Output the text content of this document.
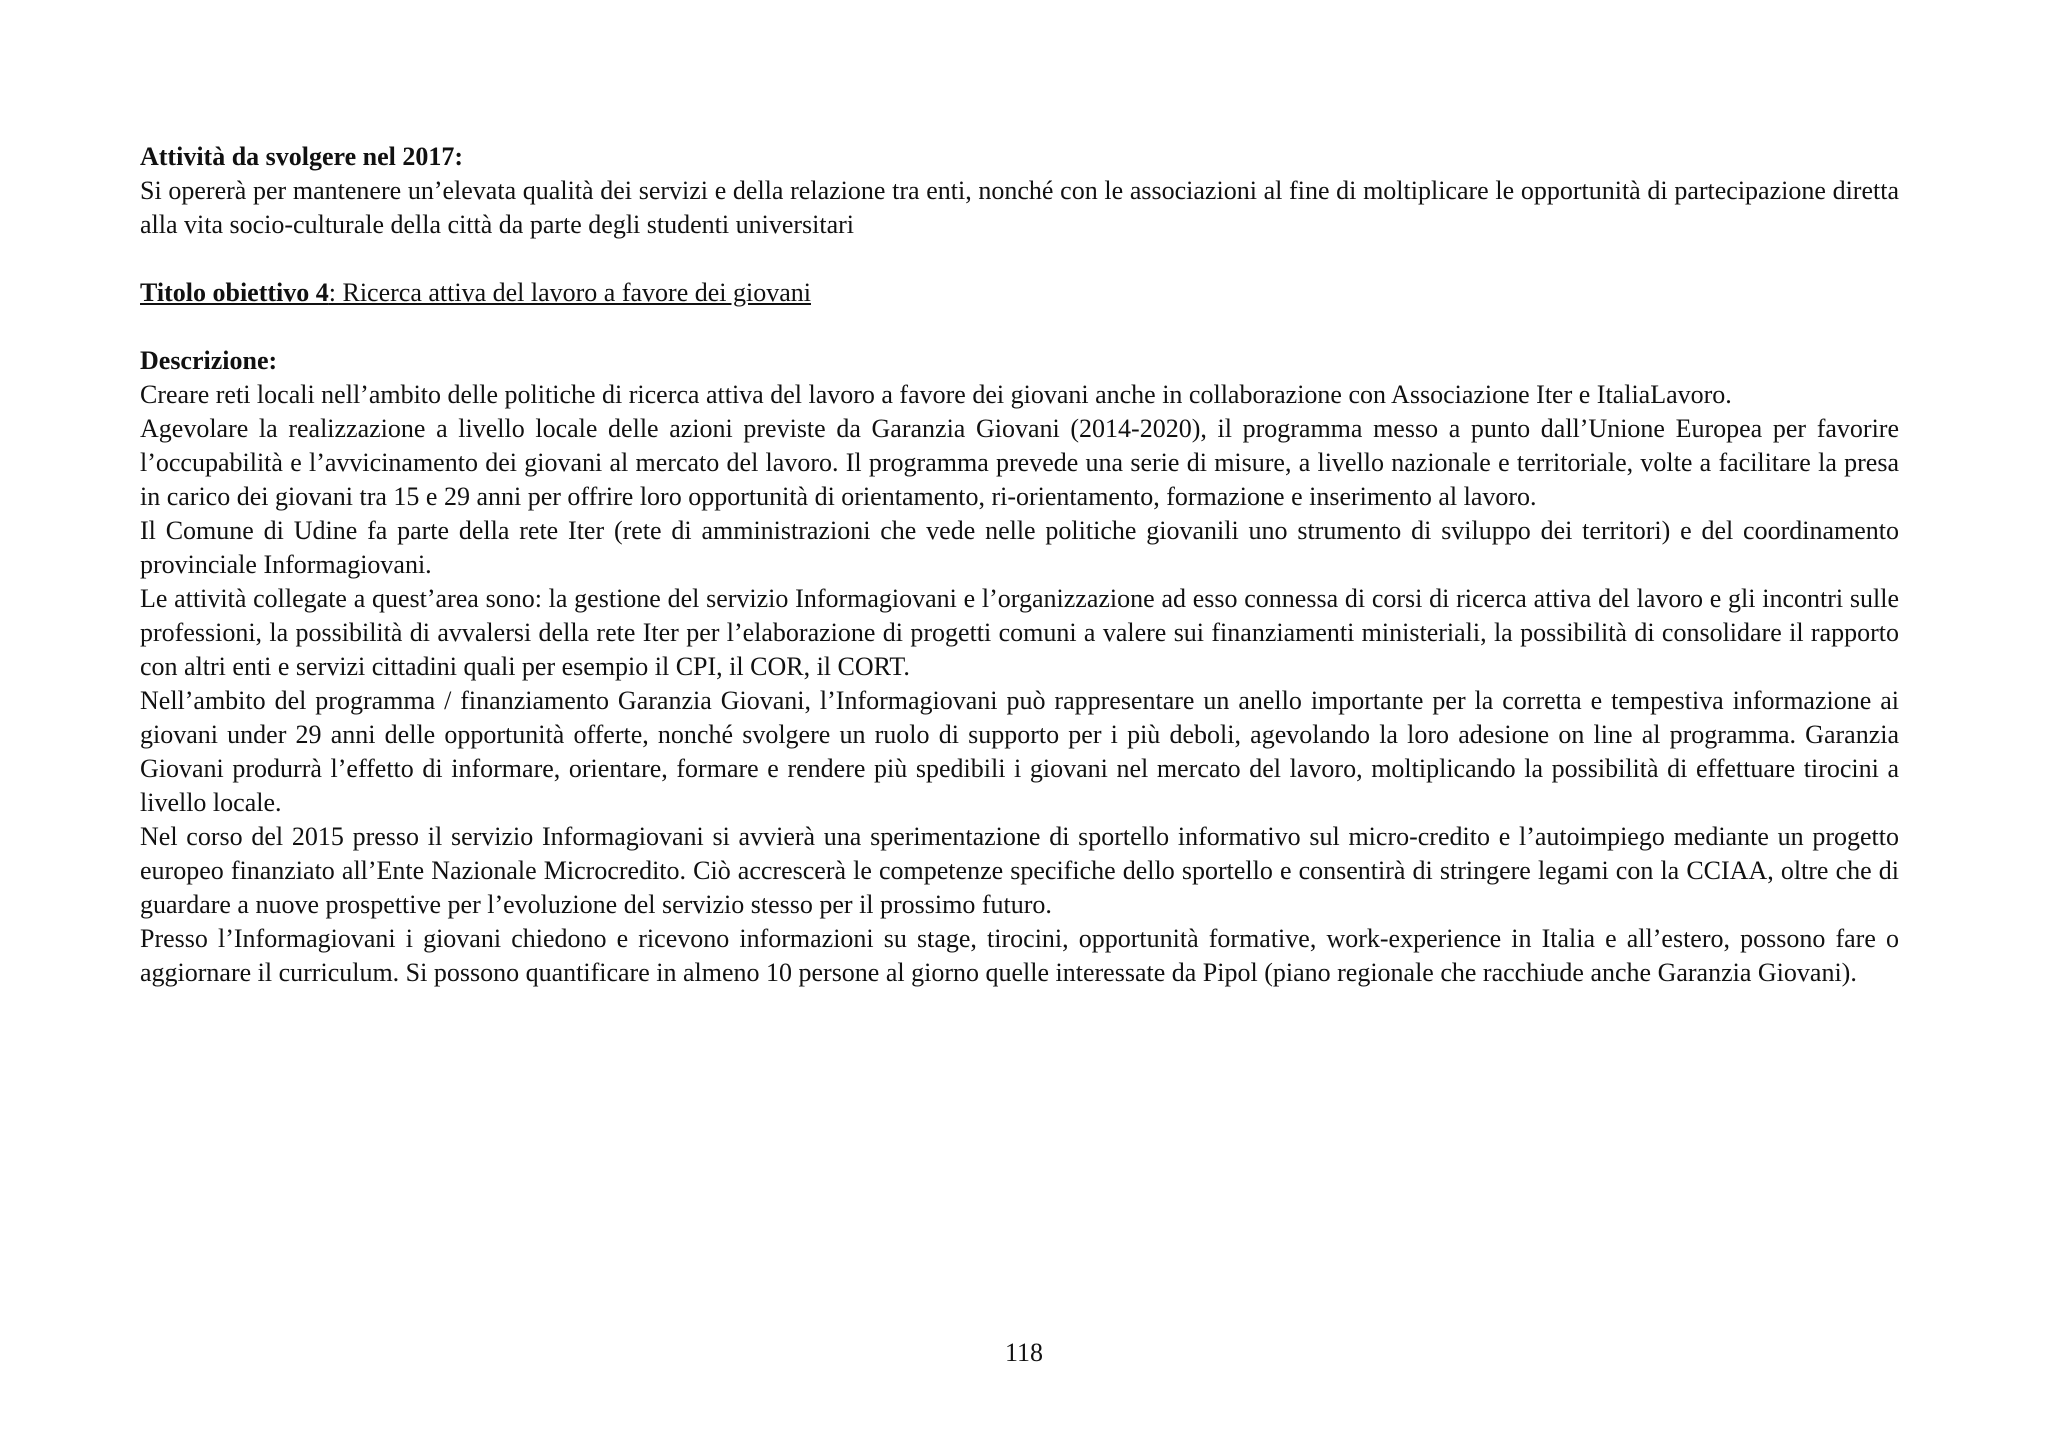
Attività da svolgere nel 2017:

Si opererà per mantenere un’elevata qualità dei servizi e della relazione tra enti, nonché con le associazioni al fine di moltiplicare le opportunità di partecipazione diretta alla vita socio-culturale della città da parte degli studenti universitari

Titolo obiettivo 4: Ricerca attiva del lavoro a favore dei giovani

Descrizione:

Creare reti locali nell’ambito delle politiche di ricerca attiva del lavoro a favore dei giovani anche in collaborazione con Associazione Iter e ItaliaLavoro.

Agevolare la realizzazione a livello locale delle azioni previste da Garanzia Giovani (2014-2020), il programma messo a punto dall’Unione Europea per favorire l’occupabilità e l’avvicinamento dei giovani al mercato del lavoro. Il programma prevede una serie di misure, a livello nazionale e territoriale, volte a facilitare la presa in carico dei giovani tra 15 e 29 anni per offrire loro opportunità di orientamento, ri-orientamento, formazione e inserimento al lavoro.

Il Comune di Udine fa parte della rete Iter (rete di amministrazioni che vede nelle politiche giovanili uno strumento di sviluppo dei territori) e del coordinamento provinciale Informagiovani.

Le attività collegate a quest’area sono: la gestione del servizio Informagiovani e l’organizzazione ad esso connessa di corsi di ricerca attiva del lavoro e gli incontri sulle professioni, la possibilità di avvalersi della rete Iter per l’elaborazione di progetti comuni a valere sui finanziamenti ministeriali, la possibilità di consolidare il rapporto con altri enti e servizi cittadini quali per esempio il CPI, il COR, il CORT.

Nell’ambito del programma / finanziamento Garanzia Giovani, l’Informagiovani può rappresentare un anello importante per la corretta e tempestiva informazione ai giovani under 29 anni delle opportunità offerte, nonché svolgere un ruolo di supporto per i più deboli, agevolando la loro adesione on line al programma. Garanzia Giovani produrrà l’effetto di informare, orientare, formare e rendere più spedibili i giovani nel mercato del lavoro, moltiplicando la possibilità di effettuare tirocini a livello locale.

Nel corso del 2015 presso il servizio Informagiovani si avvierà una sperimentazione di sportello informativo sul micro-credito e l’autoimpiego mediante un progetto europeo finanziato all’Ente Nazionale Microcredito. Ciò accrescerà le competenze specifiche dello sportello e consentirà di stringere legami con la CCIAA, oltre che di guardare a nuove prospettive per l’evoluzione del servizio stesso per il prossimo futuro.

Presso l’Informagiovani i giovani chiedono e ricevono informazioni su stage, tirocini, opportunità formative, work-experience in Italia e all’estero, possono fare o aggiornare il curriculum. Si possono quantificare in almeno 10 persone al giorno quelle interessate da Pipol (piano regionale che racchiude anche Garanzia Giovani).

118
